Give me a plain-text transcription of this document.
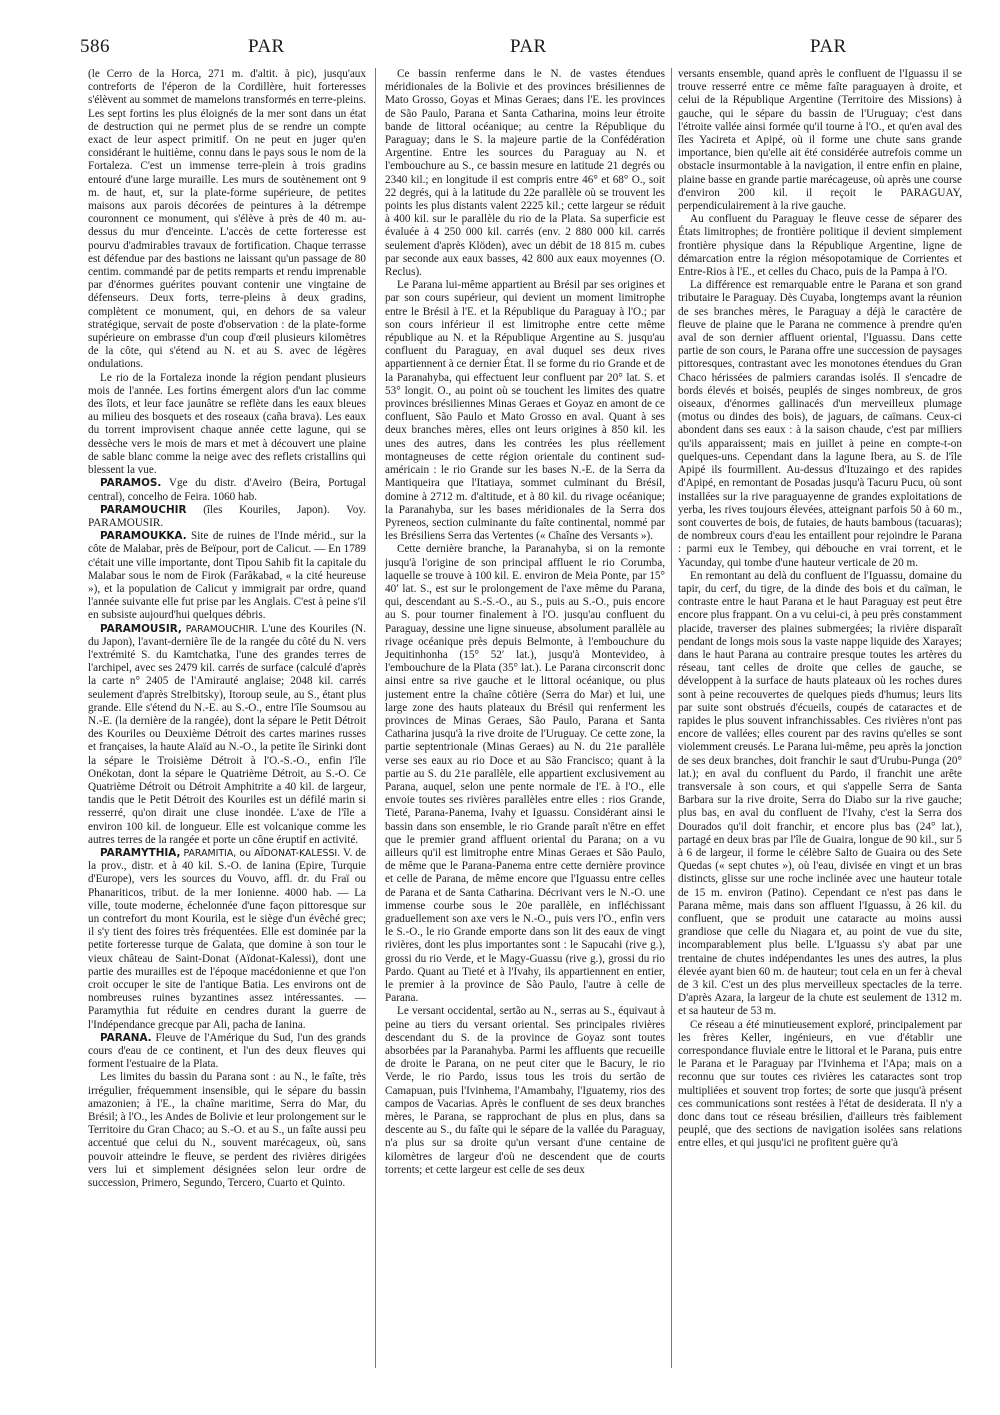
586	PAR	PAR	PAR

(le Cerro de la Horca, 271 m. d'altit. à pic), jusqu'aux contreforts de l'éperon de la Cordillère, huit forteresses s'élèvent au sommet de mamelons transformés en terre-pleins. Les sept fortins les plus éloignés de la mer sont dans un état de destruction qui ne permet plus de se rendre un compte exact de leur aspect primitif. On ne peut en juger qu'en considérant le huitième, connu dans le pays sous le nom de la Fortaleza. C'est un immense terre-plein à trois gradins entouré d'une large muraille. Les murs de soutènement ont 9 m. de haut, et, sur la plate-forme supérieure, de petites maisons aux parois décorées de peintures à la détrempe couronnent ce monument, qui s'élève à près de 40 m. au-dessus du mur d'enceinte. L'accès de cette forteresse est pourvu d'admirables travaux de fortification. Chaque terrasse est défendue par des bastions ne laissant qu'un passage de 80 centim. commandé par de petits remparts et rendu imprenable par d'énormes guérites pouvant contenir une vingtaine de défenseurs. Deux forts, terre-pleins à deux gradins, complètent ce monument, qui, en dehors de sa valeur stratégique, servait de poste d'observation : de la plate-forme supérieure on embrasse d'un coup d'œil plusieurs kilomètres de la côte, qui s'étend au N. et au S. avec de légères ondulations.

Le rio de la Fortaleza inonde la région pendant plusieurs mois de l'année. Les fortins émergent alors d'un lac comme des îlots, et leur face jaunâtre se reflète dans les eaux bleues au milieu des bosquets et des roseaux (caña brava). Les eaux du torrent improvisent chaque année cette lagune, qui se dessèche vers le mois de mars et met à découvert une plaine de sable blanc comme la neige avec des reflets cristallins qui blessent la vue.

PARAMOS. Vge du distr. d'Aveiro (Beira, Portugal central), concelho de Feira. 1060 hab.

PARAMOUCHIR (îles Kouriles, Japon). Voy. PARAMOUSIR.

PARAMOUKKA. Site de ruines de l'Inde mérid., sur la côte de Malabar, près de Beïpour, port de Calicut. — En 1789 c'était une ville importante, dont Tipou Sahib fit la capitale du Malabar sous le nom de Firok (Farâkabad, « la cité heureuse »), et la population de Calicut y immigrait par ordre, quand l'année suivante elle fut prise par les Anglais. C'est à peine s'il en subsiste aujourd'hui quelques débris.

PARAMOUSIR, PARAMOUCHIR. L'une des Kouriles (N. du Japon), l'avant-dernière île de la rangée du côté du N. vers l'extrémité S. du Kamtchatka, l'une des grandes terres de l'archipel, avec ses 2479 kil. carrés de surface (calculé d'après la carte n° 2405 de l'Amirauté anglaise; 2048 kil. carrés seulement d'après Strelbitsky), Itoroup seule, au S., étant plus grande. Elle s'étend du N.-E. au S.-O., entre l'île Soumsou au N.-E. (la dernière de la rangée), dont la sépare le Petit Détroit des Kouriles ou Deuxième Détroit des cartes marines russes et françaises, la haute Alaïd au N.-O., la petite île Sirinki dont la sépare le Troisième Détroit à l'O.-S.-O., enfin l'île Onékotan, dont la sépare le Quatrième Détroit, au S.-O. Ce Quatrième Détroit ou Détroit Amphitrite a 40 kil. de largeur, tandis que le Petit Détroit des Kouriles est un défilé marin si resserré, qu'on dirait une cluse inondée. L'axe de l'île a environ 100 kil. de longueur. Elle est volcanique comme les autres terres de la rangée et porte un cône éruptif en activité.

PARAMYTHIA, PARAMITIA, ou AÏDONAT-KALESSI. V. de la prov., distr. et à 40 kil. S.-O. de Ianina (Epire, Turquie d'Europe), vers les sources du Vouvo, affl. dr. du Fraï ou Phanariticos, tribut. de la mer Ionienne. 4000 hab. — La ville, toute moderne, échelonnée d'une façon pittoresque sur un contrefort du mont Kourila, est le siège d'un évêché grec; il s'y tient des foires très fréquentées. Elle est dominée par la petite forteresse turque de Galata, que domine à son tour le vieux château de Saint-Donat (Aïdonat-Kalessi), dont une partie des murailles est de l'époque macédonienne et que l'on croit occuper le site de l'antique Batia. Les environs ont de nombreuses ruines byzantines assez intéressantes. — Paramythia fut réduite en cendres durant la guerre de l'Indépendance grecque par Ali, pacha de Ianina.

PARANA. Fleuve de l'Amérique du Sud, l'un des grands cours d'eau de ce continent, et l'un des deux fleuves qui forment l'estuaire de la Plata.

Les limites du bassin du Parana sont : au N., le faîte, très irrégulier, fréquemment insensible, qui le sépare du bassin amazonien; à l'E., la chaîne maritime, Serra do Mar, du Brésil; à l'O., les Andes de Bolivie et leur prolongement sur le Territoire du Gran Chaco; au S.-O. et au S., un faîte aussi peu accentué que celui du N., souvent marécageux, où, sans pouvoir atteindre le fleuve, se perdent des rivières dirigées vers lui et simplement désignées selon leur ordre de succession, Primero, Segundo, Tercero, Cuarto et Quinto.

Ce bassin renferme dans le N. de vastes étendues méridionales de la Bolivie et des provinces brésiliennes de Mato Grosso, Goyas et Minas Geraes; dans l'E. les provinces de São Paulo, Parana et Santa Catharina, moins leur étroite bande de littoral océanique; au centre la République du Paraguay; dans le S. la majeure partie de la Confédération Argentine. Entre les sources du Paraguay au N. et l'embouchure au S., ce bassin mesure en latitude 21 degrés ou 2340 kil.; en longitude il est compris entre 46° et 68° O., soit 22 degrés, qui à la latitude du 22e parallèle où se trouvent les points les plus distants valent 2225 kil.; cette largeur se réduit à 400 kil. sur le parallèle du rio de la Plata. Sa superficie est évaluée à 4 250 000 kil. carrés (env. 2 880 000 kil. carrés seulement d'après Klöden), avec un débit de 18 815 m. cubes par seconde aux eaux basses, 42 800 aux eaux moyennes (O. Reclus).

Le Parana lui-même appartient au Brésil par ses origines et par son cours supérieur, qui devient un moment limitrophe entre le Brésil à l'E. et la République du Paraguay à l'O.; par son cours inférieur il est limitrophe entre cette même république au N. et la République Argentine au S. jusqu'au confluent du Paraguay, en aval duquel ses deux rives appartiennent à ce dernier État. Il se forme du rio Grande et de la Paranahyba, qui effectuent leur confluent par 20° lat. S. et 53° longit. O., au point où se touchent les limites des quatre provinces brésiliennes Minas Geraes et Goyaz en amont de ce confluent, São Paulo et Mato Grosso en aval. Quant à ses deux branches mères, elles ont leurs origines à 850 kil. les unes des autres, dans les contrées les plus réellement montagneuses de cette région orientale du continent sud-américain : le rio Grande sur les bases N.-E. de la Serra da Mantiqueira que l'Itatiaya, sommet culminant du Brésil, domine à 2712 m. d'altitude, et à 80 kil. du rivage océanique; la Paranahyba, sur les bases méridionales de la Serra dos Pyreneos, section culminante du faîte continental, nommé par les Brésiliens Serra das Vertentes (« Chaîne des Versants »).

Cette dernière branche, la Paranahyba, si on la remonte jusqu'à l'origine de son principal affluent le rio Corumba, laquelle se trouve à 100 kil. E. environ de Meia Ponte, par 15° 40′ lat. S., est sur le prolongement de l'axe même du Parana, qui, descendant au S.-S.-O., au S., puis au S.-O., puis encore au S. pour tourner finalement à l'O. jusqu'au confluent du Paraguay, dessine une ligne sinueuse, absolument parallèle au rivage océanique près depuis Belmonte, à l'embouchure du Jequitinhonha (15° 52′ lat.), jusqu'à Montevideo, à l'embouchure de la Plata (35° lat.). Le Parana circonscrit donc ainsi entre sa rive gauche et le littoral océanique, ou plus justement entre la chaîne côtière (Serra do Mar) et lui, une large zone des hauts plateaux du Brésil qui renferment les provinces de Minas Geraes, São Paulo, Parana et Santa Catharina jusqu'à la rive droite de l'Uruguay. Ce cette zone, la partie septentrionale (Minas Geraes) au N. du 21e parallèle verse ses eaux au rio Doce et au São Francisco; quant à la partie au S. du 21e parallèle, elle appartient exclusivement au Parana, auquel, selon une pente normale de l'E. à l'O., elle envoie toutes ses rivières parallèles entre elles : rios Grande, Tieté, Parana-Panema, Ivahy et Iguassu. Considérant ainsi le bassin dans son ensemble, le rio Grande paraît n'être en effet que le premier grand affluent oriental du Parana; on a vu ailleurs qu'il est limitrophe entre Minas Geraes et São Paulo, de même que le Parana-Panema entre cette dernière province et celle de Parana, de même encore que l'Iguassu entre celles de Parana et de Santa Catharina. Décrivant vers le N.-O. une immense courbe sous le 20e parallèle, en infléchissant graduellement son axe vers le N.-O., puis vers l'O., enfin vers le S.-O., le rio Grande emporte dans son lit des eaux de vingt rivières, dont les plus importantes sont : le Sapucahi (rive g.), grossi du rio Verde, et le Magy-Guassu (rive g.), grossi du rio Pardo. Quant au Tieté et à l'Ivahy, ils appartiennent en entier, le premier à la province de São Paulo, l'autre à celle de Parana.

Le versant occidental, sertão au N., serras au S., équivaut à peine au tiers du versant oriental. Ses principales rivières descendant du S. de la province de Goyaz sont toutes absorbées par la Paranahyba. Parmi les affluents que recueille de droite le Parana, on ne peut citer que le Bacury, le rio Verde, le rio Pardo, issus tous les trois du sertão de Camapuan, puis l'Ivinhema, l'Amambahy, l'Iguatemy, rios des campos de Vacarias. Après le confluent de ses deux branches mères, le Parana, se rapprochant de plus en plus, dans sa descente au S., du faîte qui le sépare de la vallée du Paraguay, n'a plus sur sa droite qu'un versant d'une centaine de kilomètres de largeur d'où ne descendent que de courts torrents; et cette largeur est celle de ses deux

versants ensemble, quand après le confluent de l'Iguassu il se trouve resserré entre ce même faîte paraguayen à droite, et celui de la République Argentine (Territoire des Missions) à gauche, qui le sépare du bassin de l'Uruguay; c'est dans l'étroite vallée ainsi formée qu'il tourne à l'O., et qu'en aval des îles Yacireta et Apipé, où il forme une chute sans grande importance, bien qu'elle ait été considérée autrefois comme un obstacle insurmontable à la navigation, il entre enfin en plaine, plaine basse en grande partie marécageuse, où après une course d'environ 200 kil. il reçoit le PARAGUAY, perpendiculairement à la rive gauche.

Au confluent du Paraguay le fleuve cesse de séparer des États limitrophes; de frontière politique il devient simplement frontière physique dans la République Argentine, ligne de démarcation entre la région mésopotamique de Corrientes et Entre-Rios à l'E., et celles du Chaco, puis de la Pampa à l'O.

La différence est remarquable entre le Parana et son grand tributaire le Paraguay. Dès Cuyaba, longtemps avant la réunion de ses branches mères, le Paraguay a déjà le caractère de fleuve de plaine que le Parana ne commence à prendre qu'en aval de son dernier affluent oriental, l'Iguassu. Dans cette partie de son cours, le Parana offre une succession de paysages pittoresques, contrastant avec les monotones étendues du Gran Chaco hérissées de palmiers carandas isolés. Il s'encadre de bords élevés et boisés, peuplés de singes nombreux, de gros oiseaux, d'énormes gallinacés d'un merveilleux plumage (motus ou dindes des bois), de jaguars, de caïmans. Ceux-ci abondent dans ses eaux : à la saison chaude, c'est par milliers qu'ils apparaissent; mais en juillet à peine en compte-t-on quelques-uns. Cependant dans la lagune Ibera, au S. de l'île Apipé ils fourmillent. Au-dessus d'Ituzaingo et des rapides d'Apipé, en remontant de Posadas jusqu'à Tacuru Pucu, où sont installées sur la rive paraguayenne de grandes exploitations de yerba, les rives toujours élevées, atteignant parfois 50 à 60 m., sont couvertes de bois, de futaies, de hauts bambous (tacuaras); de nombreux cours d'eau les entaillent pour rejoindre le Parana : parmi eux le Tembey, qui débouche en vrai torrent, et le Yacunday, qui tombe d'une hauteur verticale de 20 m.

En remontant au delà du confluent de l'Iguassu, domaine du tapir, du cerf, du tigre, de la dinde des bois et du caïman, le contraste entre le haut Parana et le haut Paraguay est peut être encore plus frappant. On a vu celui-ci, à peu près constamment placide, traverser des plaines submergées; la rivière disparaît pendant de longs mois sous la vaste nappe liquide des Xarayes; dans le haut Parana au contraire presque toutes les artères du réseau, tant celles de droite que celles de gauche, se développent à la surface de hauts plateaux où les roches dures sont à peine recouvertes de quelques pieds d'humus; leurs lits par suite sont obstrués d'écueils, coupés de cataractes et de rapides le plus souvent infranchissables. Ces rivières n'ont pas encore de vallées; elles courent par des ravins qu'elles se sont violemment creusés. Le Parana lui-même, peu après la jonction de ses deux branches, doit franchir le saut d'Urubu-Punga (20° lat.); en aval du confluent du Pardo, il franchit une arête transversale à son cours, et qui s'appelle Serra de Santa Barbara sur la rive droite, Serra do Diabo sur la rive gauche; plus bas, en aval du confluent de l'Ivahy, c'est la Serra dos Dourados qu'il doit franchir, et encore plus bas (24° lat.), partagé en deux bras par l'île de Guaira, longue de 90 kil., sur 5 à 6 de largeur, il forme le célèbre Salto de Guaira ou des Sete Quedas (« sept chutes »), où l'eau, divisée en vingt et un bras distincts, glisse sur une roche inclinée avec une hauteur totale de 15 m. environ (Patino). Cependant ce n'est pas dans le Parana même, mais dans son affluent l'Iguassu, à 26 kil. du confluent, que se produit une cataracte au moins aussi grandiose que celle du Niagara et, au point de vue du site, incomparablement plus belle. L'Iguassu s'y abat par une trentaine de chutes indépendantes les unes des autres, la plus élevée ayant bien 60 m. de hauteur; tout cela en un fer à cheval de 3 kil. C'est un des plus merveilleux spectacles de la terre. D'après Azara, la largeur de la chute est seulement de 1312 m. et sa hauteur de 53 m.

Ce réseau a été minutieusement exploré, principalement par les frères Keller, ingénieurs, en vue d'établir une correspondance fluviale entre le littoral et le Parana, puis entre le Parana et le Paraguay par l'Ivinhema et l'Apa; mais on a reconnu que sur toutes ces rivières les cataractes sont trop multipliées et souvent trop fortes; de sorte que jusqu'à présent ces communications sont restées à l'état de desiderata. Il n'y a donc dans tout ce réseau brésilien, d'ailleurs très faiblement peuplé, que des sections de navigation isolées sans relations entre elles, et qui jusqu'ici ne profitent guère qu'à
